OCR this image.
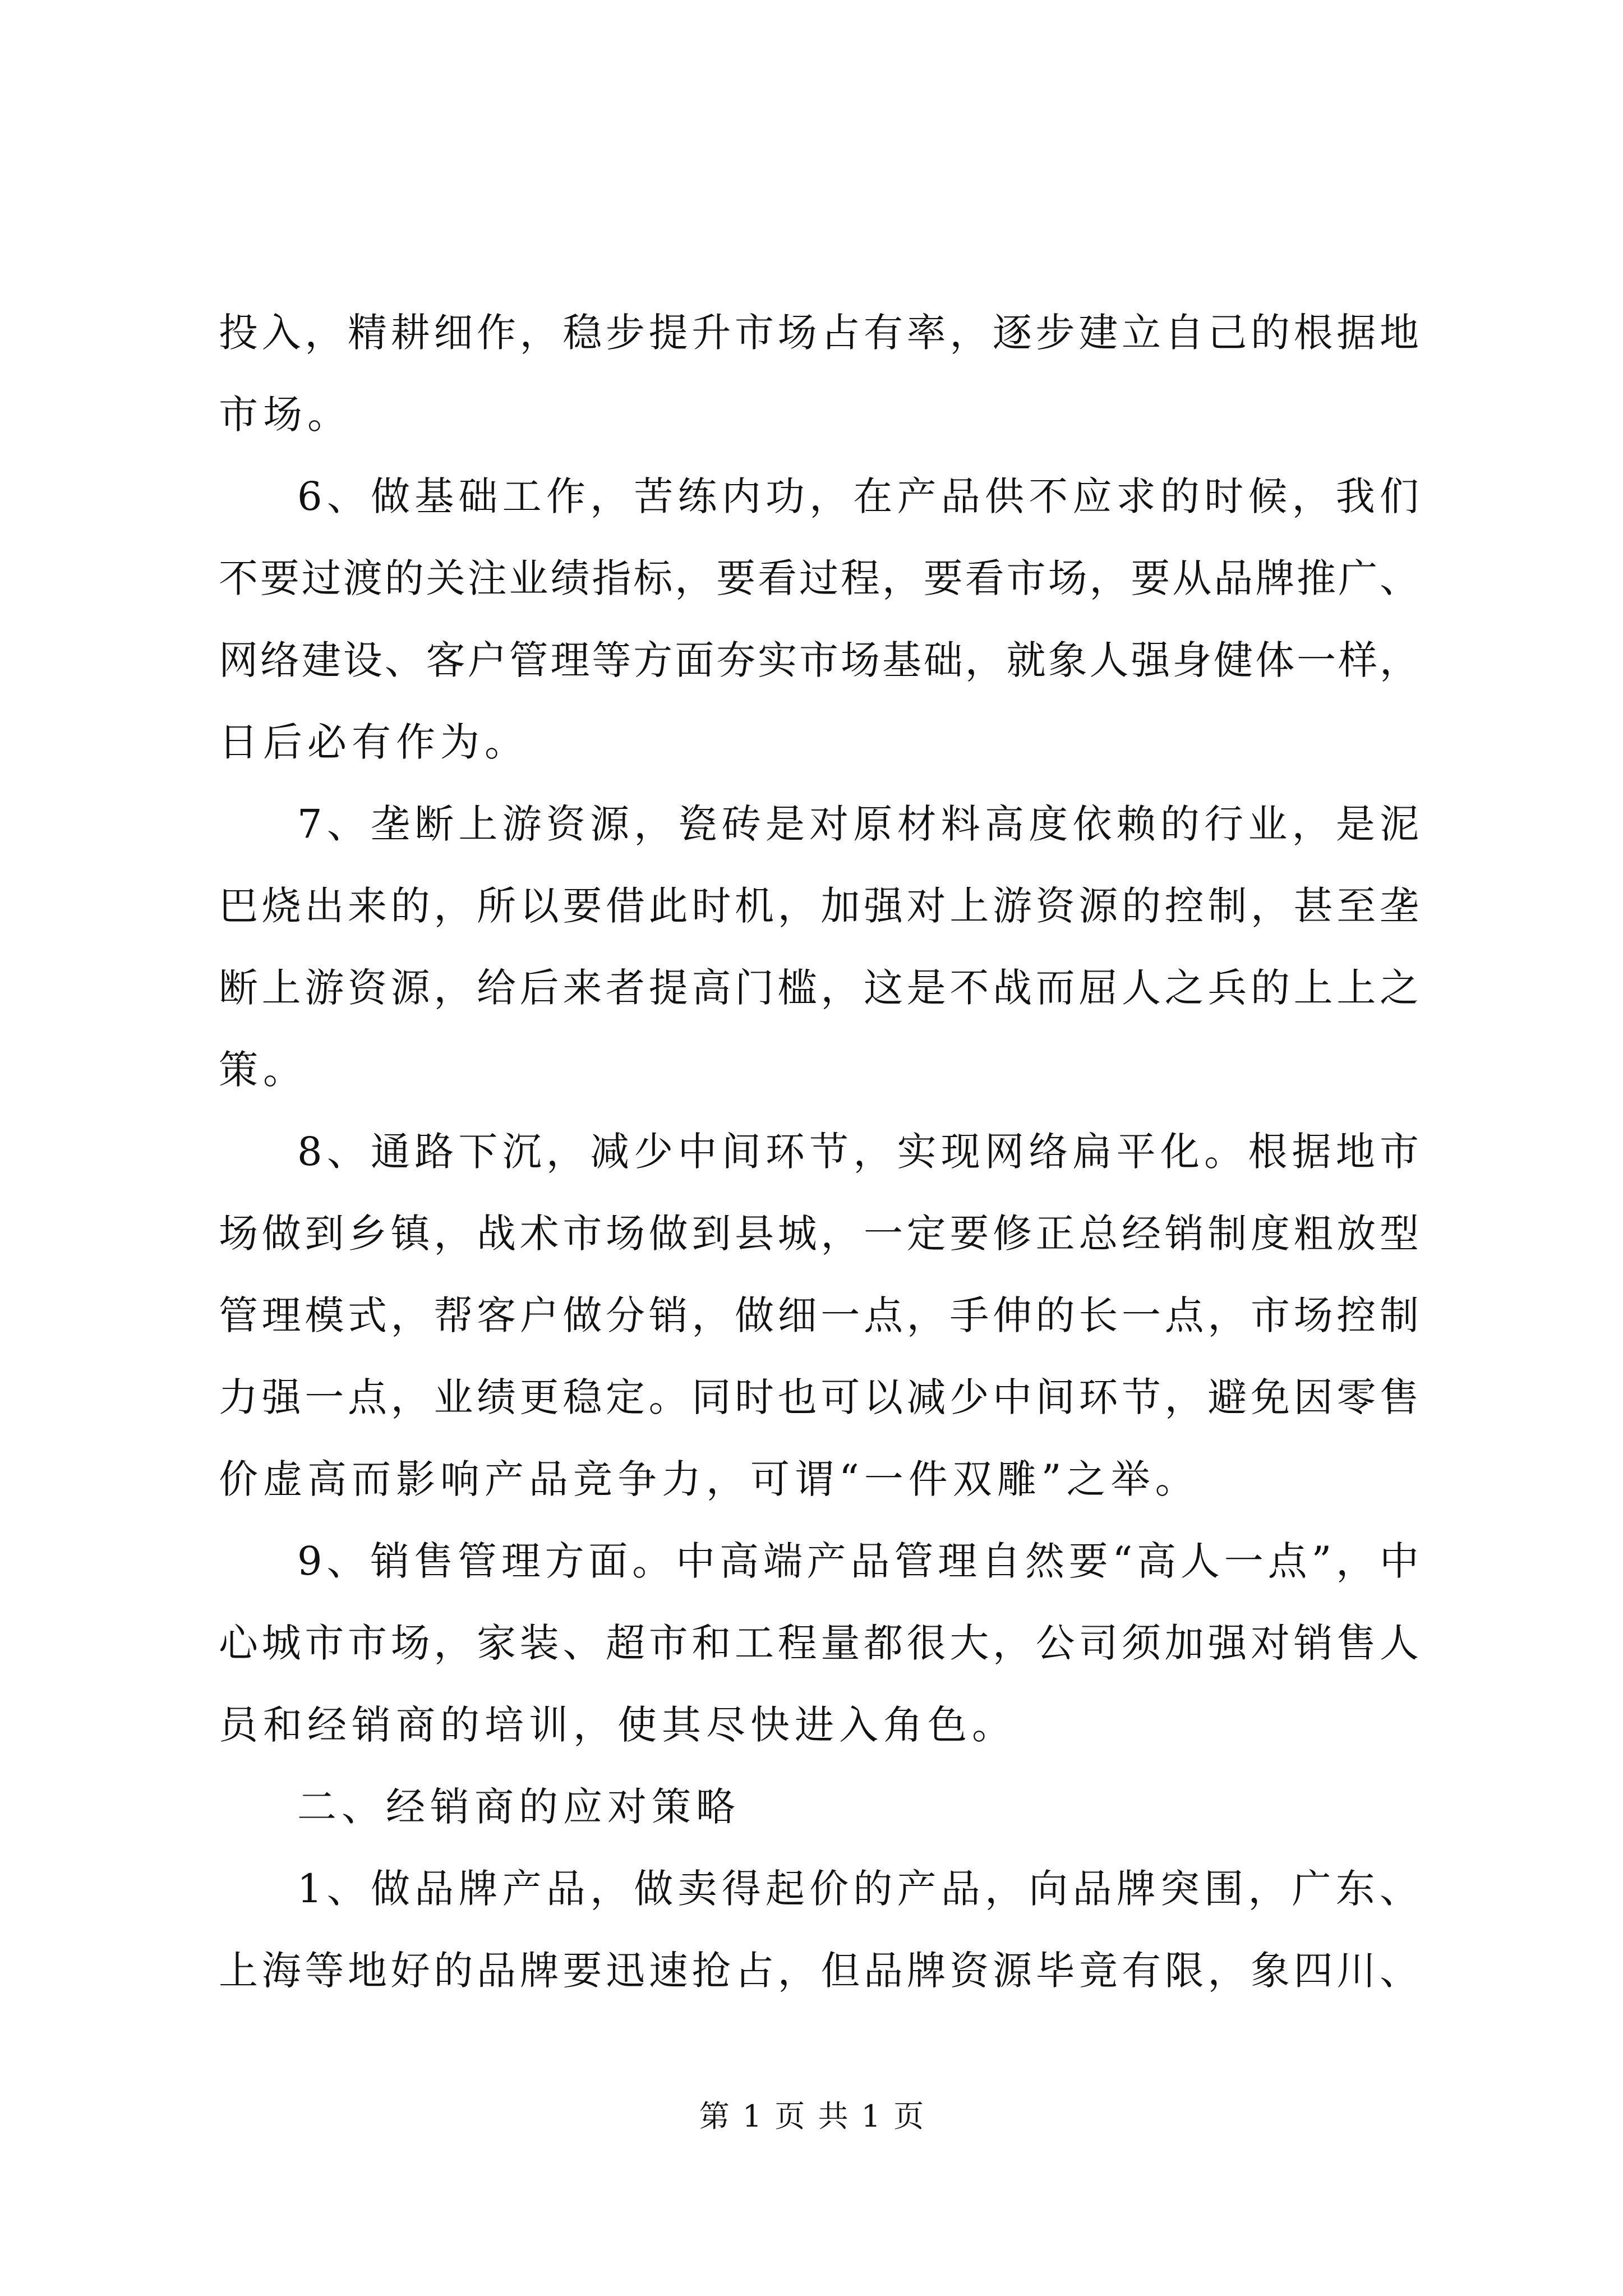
投入，精耕细作，稳步提升市场占有率，逐步建立自己的根据地
市场。
6、做基础工作，苦练内功，在产品供不应求的时候，我们
不要过渡的关注业绩指标，要看过程，要看市场，要从品牌推广、
网络建设、客户管理等方面夯实市场基础，就象人强身健体一样，
日后必有作为。
7、垄断上游资源，瓷砖是对原材料高度依赖的行业，是泥
巴烧出来的，所以要借此时机，加强对上游资源的控制，甚至垄
断上游资源，给后来者提高门槛，这是不战而屈人之兵的上上之
策。
8、通路下沉，减少中间环节，实现网络扁平化。根据地市
场做到乡镇，战术市场做到县城，一定要修正总经销制度粗放型
管理模式，帮客户做分销，做细一点，手伸的长一点，市场控制
力强一点，业绩更稳定。同时也可以减少中间环节，避免因零售
价虚高而影响产品竞争力，可谓“一件双雕”之举。
9、销售管理方面。中高端产品管理自然要“高人一点”，中
心城市市场，家装、超市和工程量都很大，公司须加强对销售人
员和经销商的培训，使其尽快进入角色。
二、经销商的应对策略
1、做品牌产品，做卖得起价的产品，向品牌突围，广东、
上海等地好的品牌要迅速抢占，但品牌资源毕竟有限，象四川、
第 1 页 共 1 页
